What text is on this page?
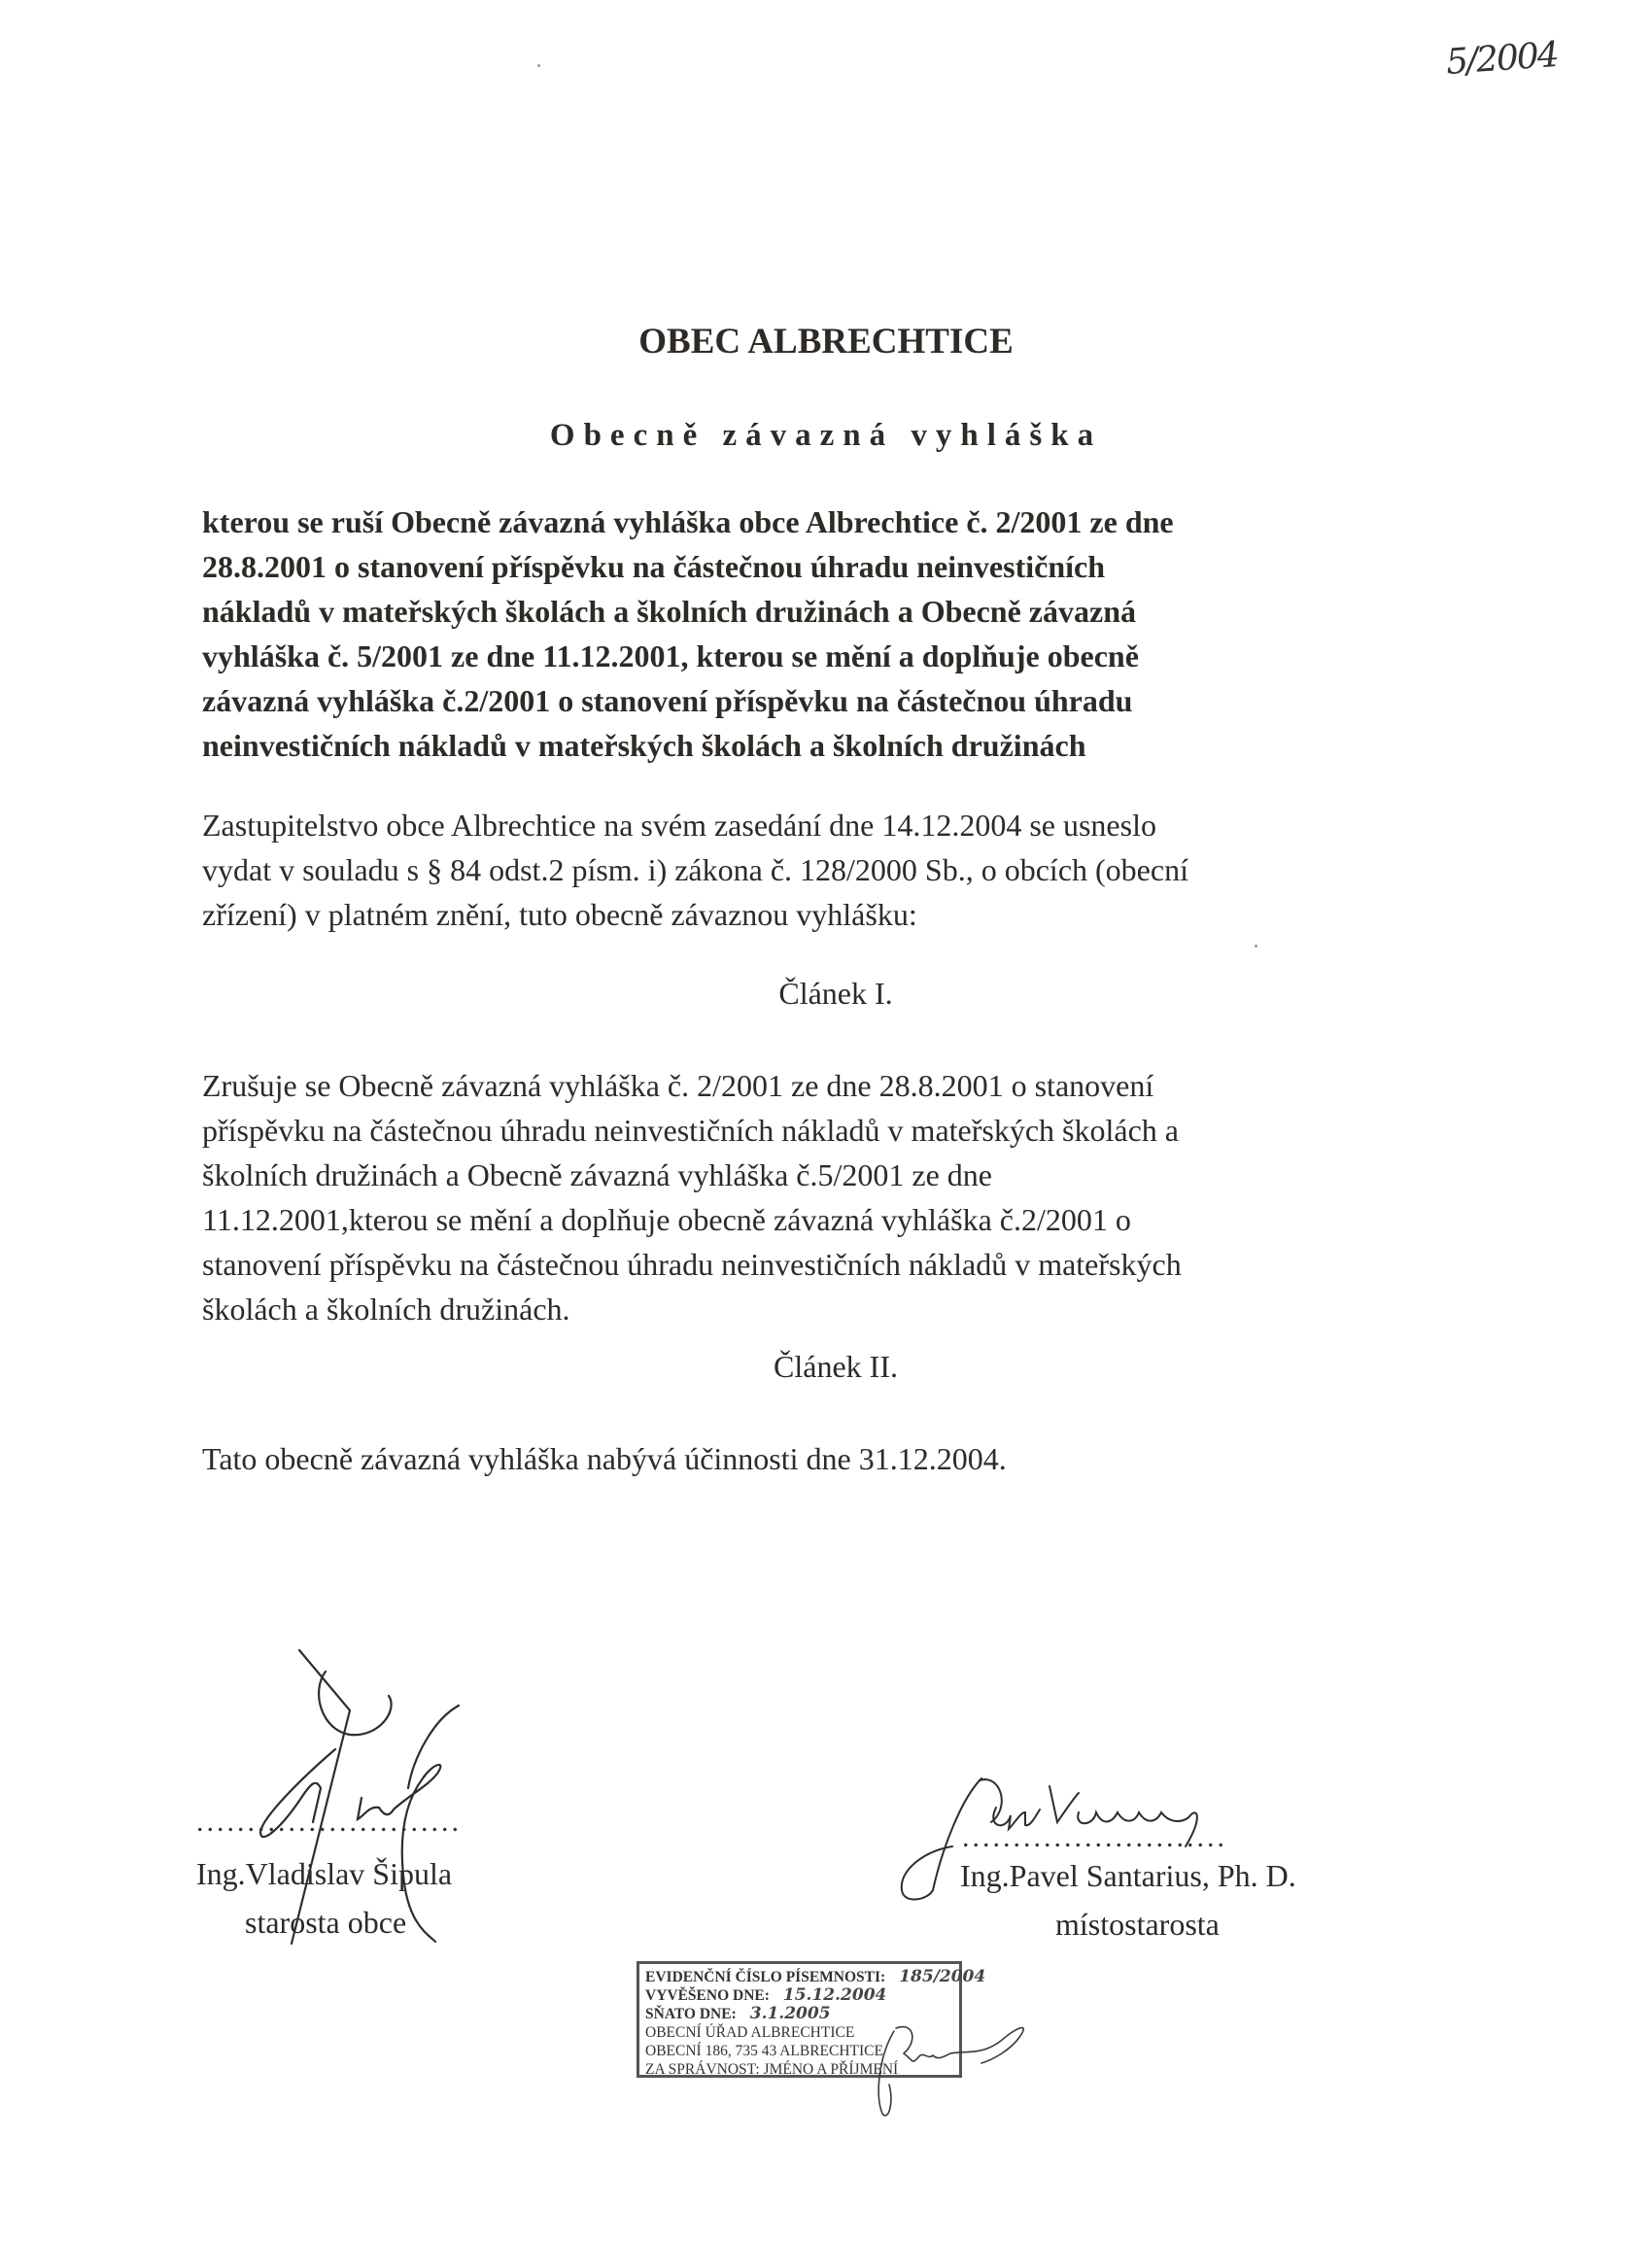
5/2004
OBEC ALBRECHTICE
Obecně závazná vyhláška
kterou se ruší Obecně závazná vyhláška obce Albrechtice č. 2/2001 ze dne
28.8.2001 o stanovení příspěvku na částečnou úhradu neinvestičních
nákladů v mateřských školách a školních družinách a Obecně závazná
vyhláška č. 5/2001 ze dne 11.12.2001, kterou se mění a doplňuje obecně
závazná vyhláška č.2/2001 o stanovení příspěvku na částečnou úhradu
neinvestičních nákladů v mateřských školách a školních družinách
Zastupitelstvo obce Albrechtice na svém zasedání dne 14.12.2004 se usneslo
vydat v souladu s § 84 odst.2 písm. i) zákona č. 128/2000 Sb., o obcích (obecní
zřízení) v platném znění, tuto obecně závaznou vyhlášku:
Článek I.
Zrušuje se Obecně závazná vyhláška č. 2/2001 ze dne 28.8.2001 o stanovení
příspěvku na částečnou úhradu neinvestičních nákladů v mateřských školách a
školních družinách a Obecně závazná vyhláška č.5/2001 ze dne
11.12.2001,kterou se mění a doplňuje obecně závazná vyhláška č.2/2001 o
stanovení příspěvku na částečnou úhradu neinvestičních nákladů v mateřských
školách a školních družinách.
Článek II.
Tato obecně závazná vyhláška nabývá účinnosti dne 31.12.2004.
..........................
Ing.Vladislav Šipula
starosta obce
..........................
Ing.Pavel Santarius, Ph. D.
místostarosta
EVIDENČNÍ ČÍSLO PÍSEMNOSTI: 185/2004
VYVĚŠENO DNE: 15.12.2004
SŇATO DNE: 3.1.2005
OBECNÍ ÚŘAD ALBRECHTICE
OBECNÍ 186, 735 43 ALBRECHTICE
ZA SPRÁVNOST: JMÉNO A PŘÍJMENÍ
